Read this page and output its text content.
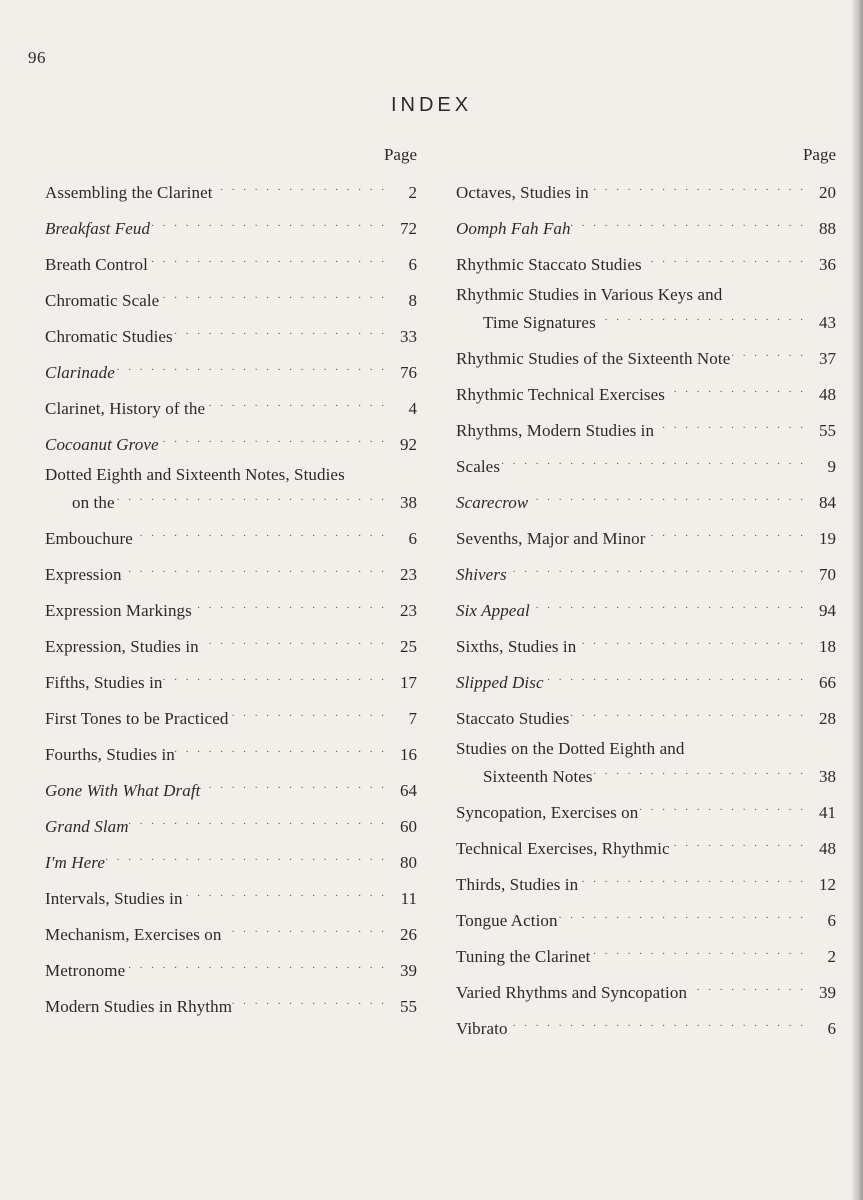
96
INDEX
Page
Assembling the Clarinet . . .	2
Breakfast Feud . . .	72
Breath Control . . .	6
Chromatic Scale . . .	8
Chromatic Studies . . .	33
Clarinade . . .	76
Clarinet, History of the . . .	4
Cocoanut Grove . . .	92
Dotted Eighth and Sixteenth Notes, Studies
on the . . .	38
Embouchure . . .	6
Expression . . .	23
Expression Markings . . .	23
Expression, Studies in . . .	25
Fifths, Studies in . . .	17
First Tones to be Practiced . . .	7
Fourths, Studies in . . .	16
Gone With What Draft . . .	64
Grand Slam . . .	60
I'm Here . . .	80
Intervals, Studies in . . .	11
Mechanism, Exercises on . . .	26
Metronome . . .	39
Modern Studies in Rhythm . . .	55
Page
Octaves, Studies in . . .	20
Oomph Fah Fah . . .	88
Rhythmic Staccato Studies . . .	36
Rhythmic Studies in Various Keys and
Time Signatures . . .	43
Rhythmic Studies of the Sixteenth Note . . .	37
Rhythmic Technical Exercises . . .	48
Rhythms, Modern Studies in . . .	55
Scales . . .	9
Scarecrow . . .	84
Sevenths, Major and Minor . . .	19
Shivers . . .	70
Six Appeal . . .	94
Sixths, Studies in . . .	18
Slipped Disc . . .	66
Staccato Studies . . .	28
Studies on the Dotted Eighth and
Sixteenth Notes . . .	38
Syncopation, Exercises on . . .	41
Technical Exercises, Rhythmic . . .	48
Thirds, Studies in . . .	12
Tongue Action . . .	6
Tuning the Clarinet . . .	2
Varied Rhythms and Syncopation . . .	39
Vibrato . . .	6
